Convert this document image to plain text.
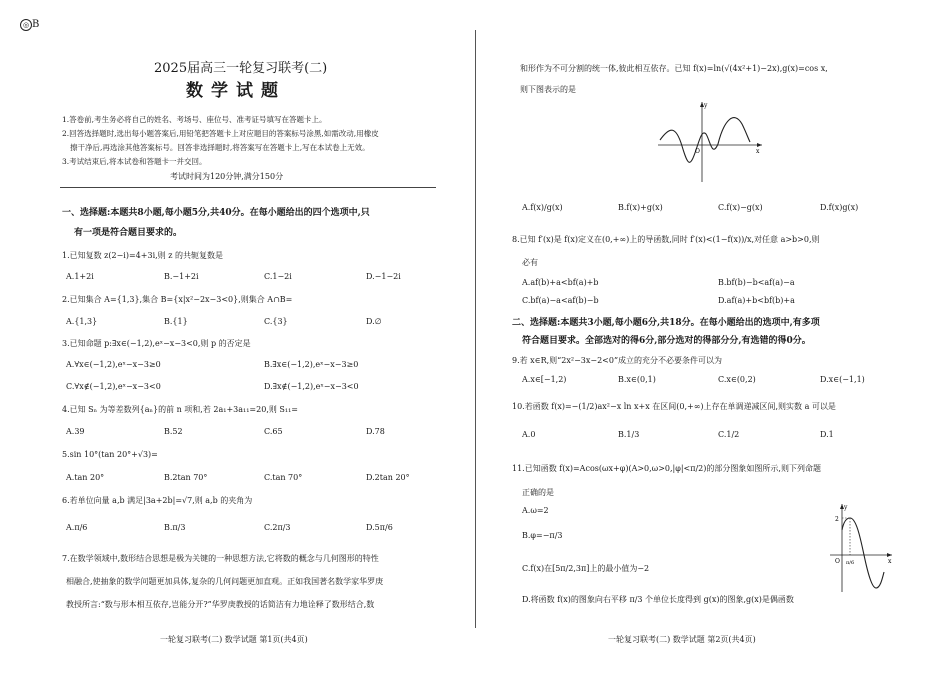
◎ B
2025届高三一轮复习联考(二)
数学试题
1.答卷前,考生务必将自己的姓名、考场号、座位号、准考证号填写在答题卡上。
2.回答选择题时,选出每小题答案后,用铅笔把答题卡上对应题目的答案标号涂黑,如需改动,用橡皮
擦干净后,再选涂其他答案标号。回答非选择题时,将答案写在答题卡上,写在本试卷上无效。
3.考试结束后,将本试卷和答题卡一并交回。
考试时间为120分钟,满分150分
一、选择题:本题共8小题,每小题5分,共40分。在每小题给出的四个选项中,只
有一项是符合题目要求的。
1.已知复数 z(2−i)=4+3i,则 z 的共轭复数是
A.1+2i	B.−1+2i	C.1−2i	D.−1−2i
2.已知集合 A={1,3},集合 B={x|x²−2x−3<0},则集合 A∩B=
A.{1,3}	B.{1}	C.{3}	D.∅
3.已知命题 p:∃x∈(−1,2),eˣ−x−3<0,则 p 的否定是
A.∀x∈(−1,2),eˣ−x−3≥0	B.∃x∈(−1,2),eˣ−x−3≥0
C.∀x∉(−1,2),eˣ−x−3<0	D.∃x∉(−1,2),eˣ−x−3<0
4.已知 Sₙ 为等差数列{aₙ}的前 n 项和,若 2a₁+3a₁₁=20,则 S₁₁=
A.39	B.52	C.65	D.78
5.sin 10°(tan 20°+√3)=
A.tan 20°	B.2tan 70°	C.tan 70°	D.2tan 20°
6.若单位向量 a,b 满足|3a+2b|=√7,则 a,b 的夹角为
A.π/6	B.π/3	C.2π/3	D.5π/6
7.在数学领域中,数形结合思想是极为关键的一种思想方法,它将数的概念与几何图形的特性
相融合,使抽象的数学问题更加具体,复杂的几何问题更加直观。正如我国著名数学家华罗庚
教授所言:“数与形本相互依存,岂能分开?”华罗庚教授的话简洁有力地诠释了数形结合,数
一轮复习联考(二) 数学试题 第1页(共4页)
和形作为不可分割的统一体,彼此相互依存。已知 f(x)=ln(√(4x²+1)−2x),g(x)=cos x,
则下图表示的是
y
x
O
A.f(x)/g(x)	B.f(x)+g(x)	C.f(x)−g(x)	D.f(x)g(x)
8.已知 f′(x)是 f(x)定义在(0,+∞)上的导函数,同时 f′(x)<(1−f(x))/x,对任意 a>b>0,则
必有
A.af(b)+a<bf(a)+b	B.bf(b)−b<af(a)−a
C.bf(a)−a<af(b)−b	D.af(a)+b<bf(b)+a
二、选择题:本题共3小题,每小题6分,共18分。在每小题给出的选项中,有多项
符合题目要求。全部选对的得6分,部分选对的得部分分,有选错的得0分。
9.若 x∈R,则“2x²−3x−2<0”成立的充分不必要条件可以为
A.x∈[−1,2)	B.x∈(0,1)	C.x∈(0,2)	D.x∈(−1,1)
10.若函数 f(x)=−(1/2)ax²−x ln x+x 在区间(0,+∞)上存在单调递减区间,则实数 a 可以是
A.0	B.1/3	C.1/2	D.1
11.已知函数 f(x)=Acos(ωx+φ)(A>0,ω>0,|φ|<π/2)的部分图象如图所示,则下列命题
正确的是
A.ω=2
B.φ=−π/3
C.f(x)在[5π/2,3π]上的最小值为−2
D.将函数 f(x)的图象向右平移 π/3 个单位长度得到 g(x)的图象,g(x)是偶函数
y
x
O
2
π/6
一轮复习联考(二) 数学试题 第2页(共4页)
